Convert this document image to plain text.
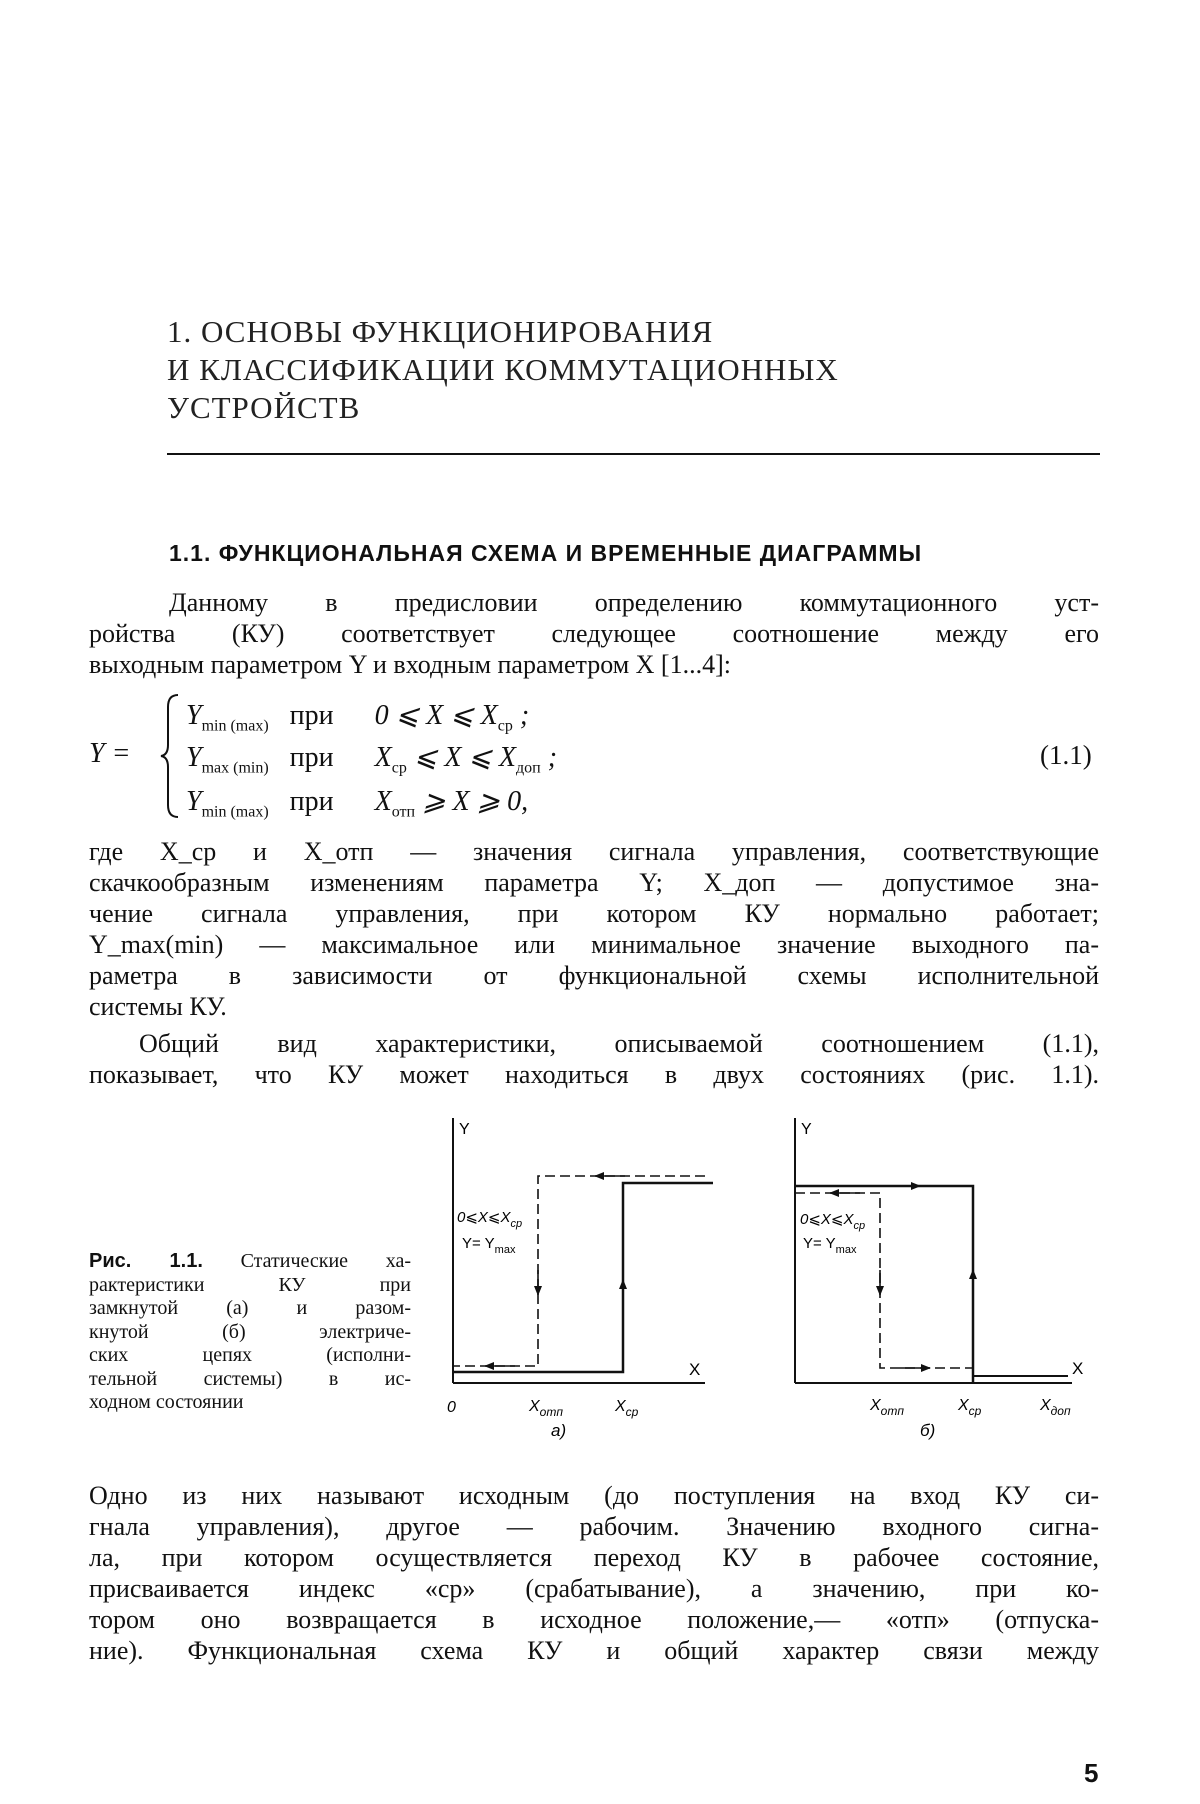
1. ОСНОВЫ ФУНКЦИОНИРОВАНИЯ
И КЛАССИФИКАЦИИ КОММУТАЦИОННЫХ
УСТРОЙСТВ
1.1. ФУНКЦИОНАЛЬНАЯ СХЕМА И ВРЕМЕННЫЕ ДИАГРАММЫ
Данному в предисловии определению коммутационного уст-
ройства (КУ) соответствует следующее соотношение между его
выходным параметром Y и входным параметром X [1...4]:
Y =
$Y_{min (max)}$ при 0 ⩽ X ⩽ $X_{ср}$ ;
$Y_{max (min)}$ при $X_{ср}$ ⩽ X ⩽ $X_{доп}$ ;
$Y_{min (max)}$ при $X_{отп}$ ⩾ X ⩾ 0,
(1.1)
где X_ср и X_отп — значения сигнала управления, соответствующие
скачкообразным изменениям параметра Y; X_доп — допустимое зна-
чение сигнала управления, при котором КУ нормально работает;
Y_max(min) — максимальное или минимальное значение выходного па-
раметра в зависимости от функциональной схемы исполнительной
системы КУ.
Общий вид характеристики, описываемой соотношением (1.1),
показывает, что КУ может находиться в двух состояниях (рис. 1.1).
Рис. 1.1. Статические ха-
рактеристики КУ при
замкнутой (а) и разом-
кнутой (б) электриче-
ских цепях (исполни-
тельной системы) в ис-
ходном состоянии
Y
X
0
$0⩽X⩽X_{ср}$
$Y= Y_{max}$
$X_{отп}$	$X_{ср}$
а)
Y
X
$0⩽X⩽X_{ср}$
$Y= Y_{max}$
$X_{отп}$	$X_{ср}$	$X_{доп}$
б)
Одно из них называют исходным (до поступления на вход КУ си-
гнала управления), другое — рабочим. Значению входного сигна-
ла, при котором осуществляется переход КУ в рабочее состояние,
присваивается индекс «ср» (срабатывание), а значению, при ко-
тором оно возвращается в исходное положение,— «отп» (отпуска-
ние). Функциональная схема КУ и общий характер связи между
5
